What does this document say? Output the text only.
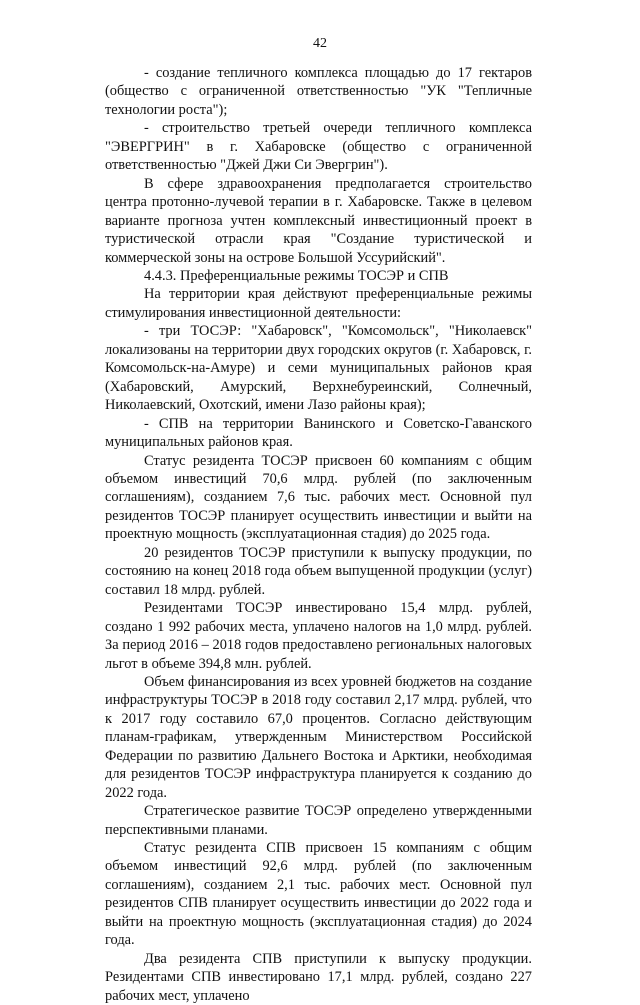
42

- создание тепличного комплекса площадью до 17 гектаров (общество с ограниченной ответственностью "УК "Тепличные технологии роста");

- строительство третьей очереди тепличного комплекса "ЭВЕРГРИН" в г. Хабаровске (общество с ограниченной ответственностью "Джей Джи Си Эвергрин").

В сфере здравоохранения предполагается строительство центра протонно-лучевой терапии в г. Хабаровске. Также в целевом варианте прогноза учтен комплексный инвестиционный проект в туристической отрасли края "Создание туристической и коммерческой зоны на острове Большой Уссурийский".

4.4.3. Преференциальные режимы ТОСЭР и СПВ

На территории края действуют преференциальные режимы стимулирования инвестиционной деятельности:

- три ТОСЭР: "Хабаровск", "Комсомольск", "Николаевск" локализованы на территории двух городских округов (г. Хабаровск, г. Комсомольск-на-Амуре) и семи муниципальных районов края (Хабаровский, Амурский, Верхнебуреинский, Солнечный, Николаевский, Охотский, имени Лазо районы края);

- СПВ на территории Ванинского и Советско-Гаванского муниципальных районов края.

Статус резидента ТОСЭР присвоен 60 компаниям с общим объемом инвестиций 70,6 млрд. рублей (по заключенным соглашениям), созданием 7,6 тыс. рабочих мест. Основной пул резидентов ТОСЭР планирует осуществить инвестиции и выйти на проектную мощность (эксплуатационная стадия) до 2025 года.

20 резидентов ТОСЭР приступили к выпуску продукции, по состоянию на конец 2018 года объем выпущенной продукции (услуг) составил 18 млрд. рублей.

Резидентами ТОСЭР инвестировано 15,4 млрд. рублей, создано 1 992 рабочих места, уплачено налогов на 1,0 млрд. рублей. За период 2016 – 2018 годов предоставлено региональных налоговых льгот в объеме 394,8 млн. рублей.

Объем финансирования из всех уровней бюджетов на создание инфраструктуры ТОСЭР в 2018 году составил 2,17 млрд. рублей, что к 2017 году составило 67,0 процентов. Согласно действующим планам-графикам, утвержденным Министерством Российской Федерации по развитию Дальнего Востока и Арктики, необходимая для резидентов ТОСЭР инфраструктура планируется к созданию до 2022 года.

Стратегическое развитие ТОСЭР определено утвержденными перспективными планами.

Статус резидента СПВ присвоен 15 компаниям с общим объемом инвестиций 92,6 млрд. рублей (по заключенным соглашениям), созданием 2,1 тыс. рабочих мест. Основной пул резидентов СПВ планирует осуществить инвестиции до 2022 года и выйти на проектную мощность (эксплуатационная стадия) до 2024 года.

Два резидента СПВ приступили к выпуску продукции. Резидентами СПВ инвестировано 17,1 млрд. рублей, создано 227 рабочих мест, уплачено
